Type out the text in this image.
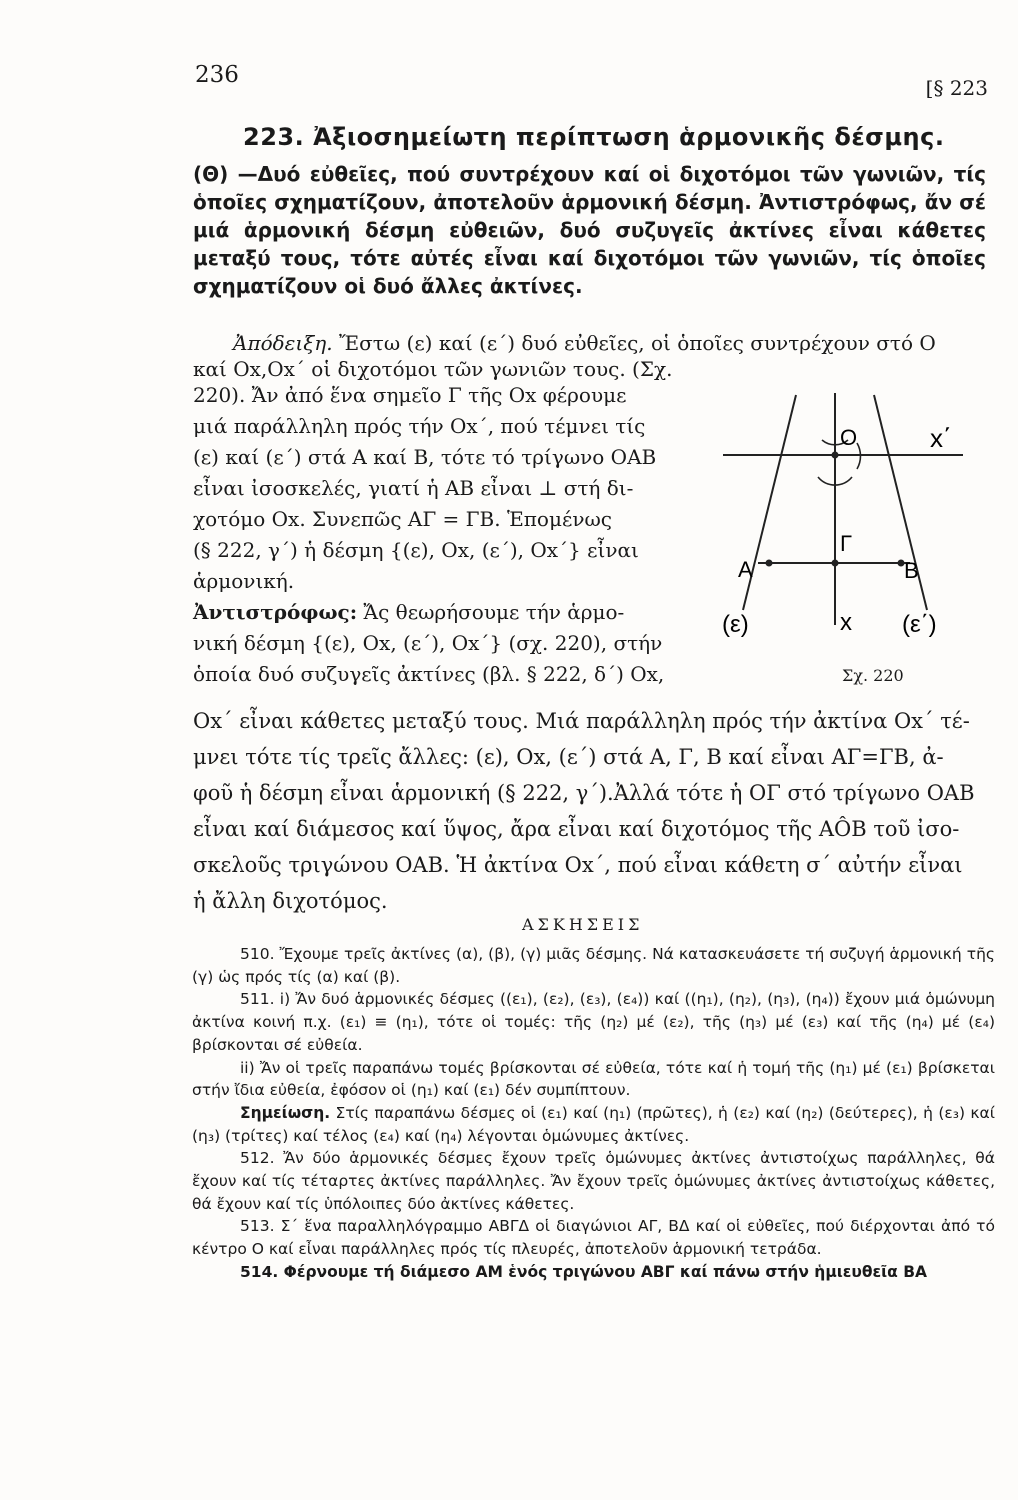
236	[§ 223
223. Ἀξιοσημείωτη περίπτωση ἁρμονικῆς δέσμης.
(Θ) —Δυό εὐθεῖες, πού συντρέχουν καί οἱ διχοτόμοι τῶν γωνιῶν, τίς ὁποῖες σχηματίζουν, ἀποτελοῦν ἁρμονική δέσμη. Ἀντιστρόφως, ἄν σέ μιά ἁρμονική δέσμη εὐθειῶν, δυό συζυγεῖς ἀκτίνες εἶναι κάθετες μεταξύ τους, τότε αὐτές εἶναι καί διχοτόμοι τῶν γωνιῶν, τίς ὁποῖες σχηματίζουν οἱ δυό ἄλλες ἀκτίνες.
Ἀπόδειξη. Ἔστω (ε) καί (ε΄) δυό εὐθεῖες, οἱ ὁποῖες συντρέχουν στό Ο
καί Οx,Οx΄ οἱ διχοτόμοι τῶν γωνιῶν τους. (Σχ.
220). Ἄν ἀπό ἕνα σημεῖο Γ τῆς Οx φέρουμε
μιά παράλληλη πρός τήν Οx΄, πού τέμνει τίς
(ε) καί (ε΄) στά Α καί Β, τότε τό τρίγωνο ΟΑΒ
εἶναι ἰσοσκελές, γιατί ἡ ΑΒ εἶναι ⊥ στή δι-
χοτόμο Οx. Συνεπῶς ΑΓ = ΓΒ. Ἑπομένως
(§ 222, γ΄) ἡ δέσμη {(ε), Οx, (ε΄), Οx΄} εἶναι
ἁρμονική.
Ἀντιστρόφως: Ἄς θεωρήσουμε τήν ἁρμο-
νική δέσμη {(ε), Οx, (ε΄), Οx΄} (σχ. 220), στήν
ὁποία δυό συζυγεῖς ἀκτίνες (βλ. § 222, δ΄) Οx,
O	x΄
Α
Γ
Β
(ε)	x (ε΄)
Σχ. 220
Οx΄ εἶναι κάθετες μεταξύ τους. Μιά παράλληλη πρός τήν ἀκτίνα Οx΄ τέ-
μνει τότε τίς τρεῖς ἄλλες: (ε), Οx, (ε΄) στά Α, Γ, Β καί εἶναι ΑΓ=ΓΒ, ἀ-
φοῦ ἡ δέσμη εἶναι ἁρμονική (§ 222, γ΄).Ἀλλά τότε ἡ ΟΓ στό τρίγωνο ΟΑΒ
εἶναι καί διάμεσος καί ὕψος, ἄρα εἶναι καί διχοτόμος τῆς ΑÔΒ τοῦ ἰσο-
σκελοῦς τριγώνου ΟΑΒ. Ἡ ἀκτίνα Οx΄, πού εἶναι κάθετη σ΄ αὐτήν εἶναι
ἡ ἄλλη διχοτόμος.
ΑΣΚΗΣΕΙΣ

510. Ἔχουμε τρεῖς ἀκτίνες (α), (β), (γ) μιᾶς δέσμης. Νά κατασκευάσετε τή συζυγή ἁρμονική τῆς (γ) ὡς πρός τίς (α) καί (β).

511. i) Ἄν δυό ἁρμονικές δέσμες ((ε₁), (ε₂), (ε₃), (ε₄)) καί ((η₁), (η₂), (η₃), (η₄)) ἔχουν μιά ὁμώνυμη ἀκτίνα κοινή π.χ. (ε₁) ≡ (η₁), τότε οἱ τομές: τῆς (η₂) μέ (ε₂), τῆς (η₃) μέ (ε₃) καί τῆς (η₄) μέ (ε₄) βρίσκονται σέ εὐθεία.

ii) Ἄν οἱ τρεῖς παραπάνω τομές βρίσκονται σέ εὐθεία, τότε καί ἡ τομή τῆς (η₁) μέ (ε₁) βρίσκεται στήν ἴδια εὐθεία, ἐφόσον οἱ (η₁) καί (ε₁) δέν συμπίπτουν.

Σημείωση. Στίς παραπάνω δέσμες οἱ (ε₁) καί (η₁) (πρῶτες), ἡ (ε₂) καί (η₂) (δεύτερες), ἡ (ε₃) καί (η₃) (τρίτες) καί τέλος (ε₄) καί (η₄) λέγονται ὁμώνυμες ἀκτίνες.

512. Ἄν δύο ἁρμονικές δέσμες ἔχουν τρεῖς ὁμώνυμες ἀκτίνες ἀντιστοίχως παράλληλες, θά ἔχουν καί τίς τέταρτες ἀκτίνες παράλληλες. Ἄν ἔχουν τρεῖς ὁμώνυμες ἀκτίνες ἀντιστοίχως κάθετες, θά ἔχουν καί τίς ὑπόλοιπες δύο ἀκτίνες κάθετες.

513. Σ΄ ἕνα παραλληλόγραμμο ΑΒΓΔ οἱ διαγώνιοι ΑΓ, ΒΔ καί οἱ εὐθεῖες, πού διέρχονται ἀπό τό κέντρο Ο καί εἶναι παράλληλες πρός τίς πλευρές, ἀποτελοῦν ἁρμονική τετράδα.

514. Φέρνουμε τή διάμεσο ΑΜ ἑνός τριγώνου ΑΒΓ καί πάνω στήν ἡμιευθεῖα ΒΑ
